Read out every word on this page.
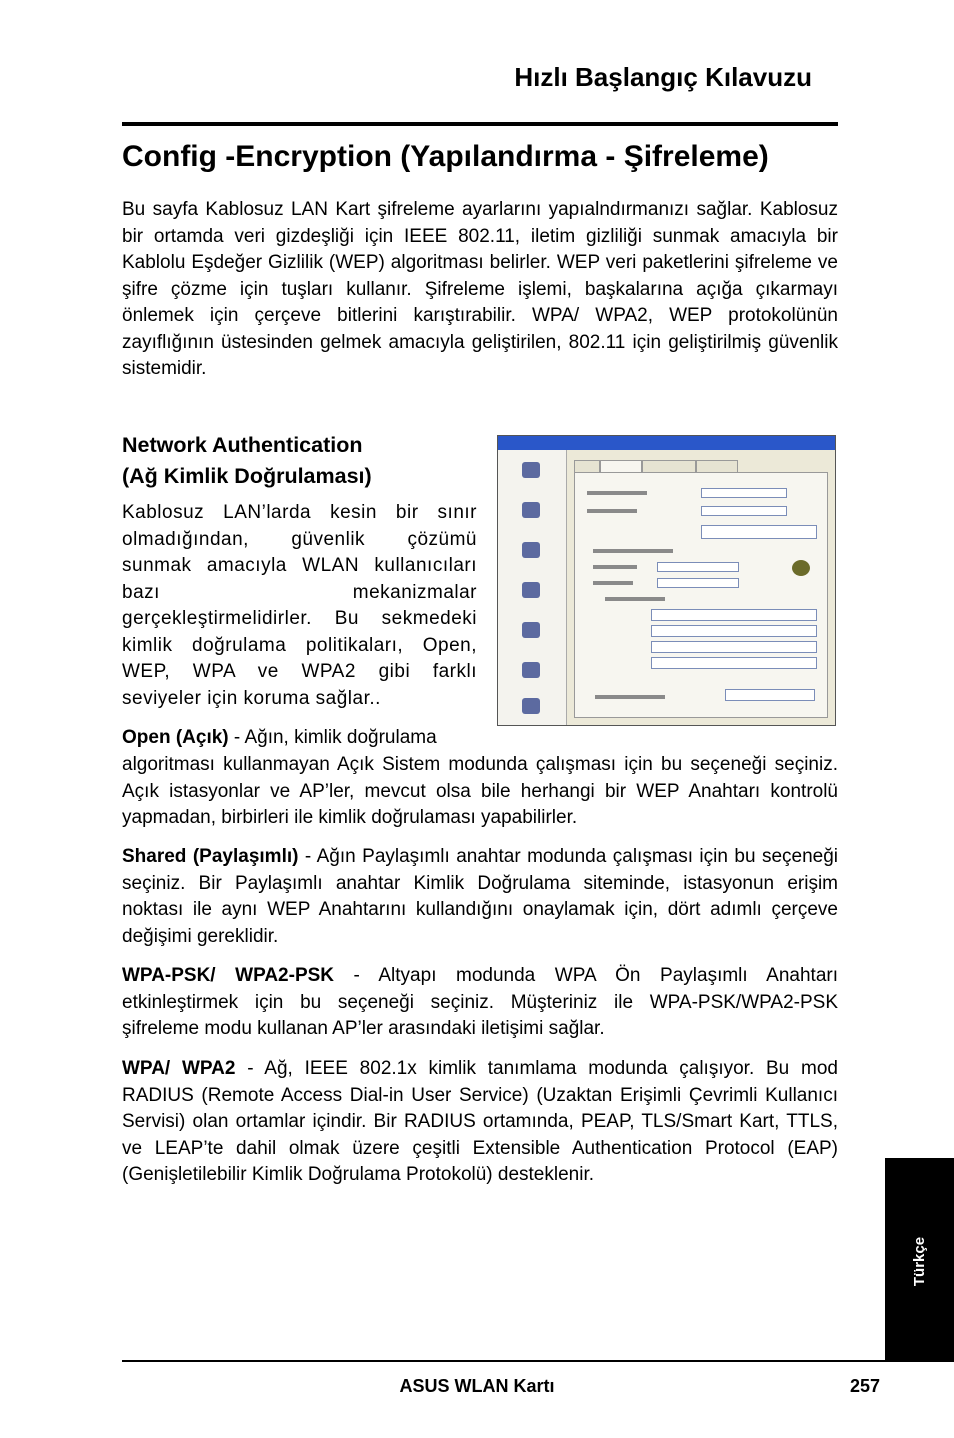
Hızlı Başlangıç Kılavuzu
Config -Encryption (Yapılandırma - Şifreleme)

Bu sayfa Kablosuz LAN Kart şifreleme ayarlarını yapıalndırmanızı sağlar. Kablosuz bir ortamda veri gizdeşliği için IEEE 802.11, iletim gizliliği sunmak amacıyla bir Kablolu Eşdeğer Gizlilik (WEP) algoritması belirler. WEP veri paketlerini şifreleme ve şifre çözme için tuşları kullanır. Şifreleme işlemi, başkalarına açığa çıkarmayı önlemek için çerçeve bitlerini karıştırabilir. WPA/ WPA2, WEP protokolünün zayıflığının üstesinden gelmek amacıyla geliştirilen, 802.11 için geliştirilmiş güvenlik sistemidir.

Network Authentication
(Ağ Kimlik Doğrulaması)

Kablosuz LAN’larda kesin bir sınır olmadığından, güvenlik çözümü sunmak amacıyla WLAN kullanıcıları bazı mekanizmalar gerçekleştirmelidirler. Bu sekmedeki kimlik doğrulama politikaları, Open, WEP, WPA ve WPA2 gibi farklı seviyeler için koruma sağlar..

Open (Açık) - Ağın, kimlik doğrulama

algoritması kullanmayan Açık Sistem modunda çalışması için bu seçeneği seçiniz. Açık istasyonlar ve AP’ler, mevcut olsa bile herhangi bir WEP Anahtarı kontrolü yapmadan, birbirleri ile kimlik doğrulaması yapabilirler.

Shared (Paylaşımlı) - Ağın Paylaşımlı anahtar modunda çalışması için bu seçeneği seçiniz. Bir Paylaşımlı anahtar Kimlik Doğrulama siteminde, istasyonun erişim noktası ile aynı WEP Anahtarını kullandığını onaylamak için, dört adımlı çerçeve değişimi gereklidir.

WPA-PSK/ WPA2-PSK - Altyapı modunda WPA Ön Paylaşımlı Anahtarı etkinleştirmek için bu seçeneği seçiniz. Müşteriniz ile WPA-PSK/WPA2-PSK şifreleme modu kullanan AP’ler arasındaki iletişimi sağlar.

WPA/ WPA2 - Ağ, IEEE 802.1x kimlik tanımlama modunda çalışıyor. Bu mod RADIUS (Remote Access Dial-in User Service) (Uzaktan Erişimli Çevrimli Kullanıcı Servisi) olan ortamlar içindir. Bir RADIUS ortamında, PEAP, TLS/Smart Kart, TTLS, ve LEAP’te dahil olmak üzere çeşitli Extensible Authentication Protocol (EAP) (Genişletilebilir Kimlik Doğrulama Protokolü) desteklenir.

Türkçe
ASUS WLAN Kartı	257
